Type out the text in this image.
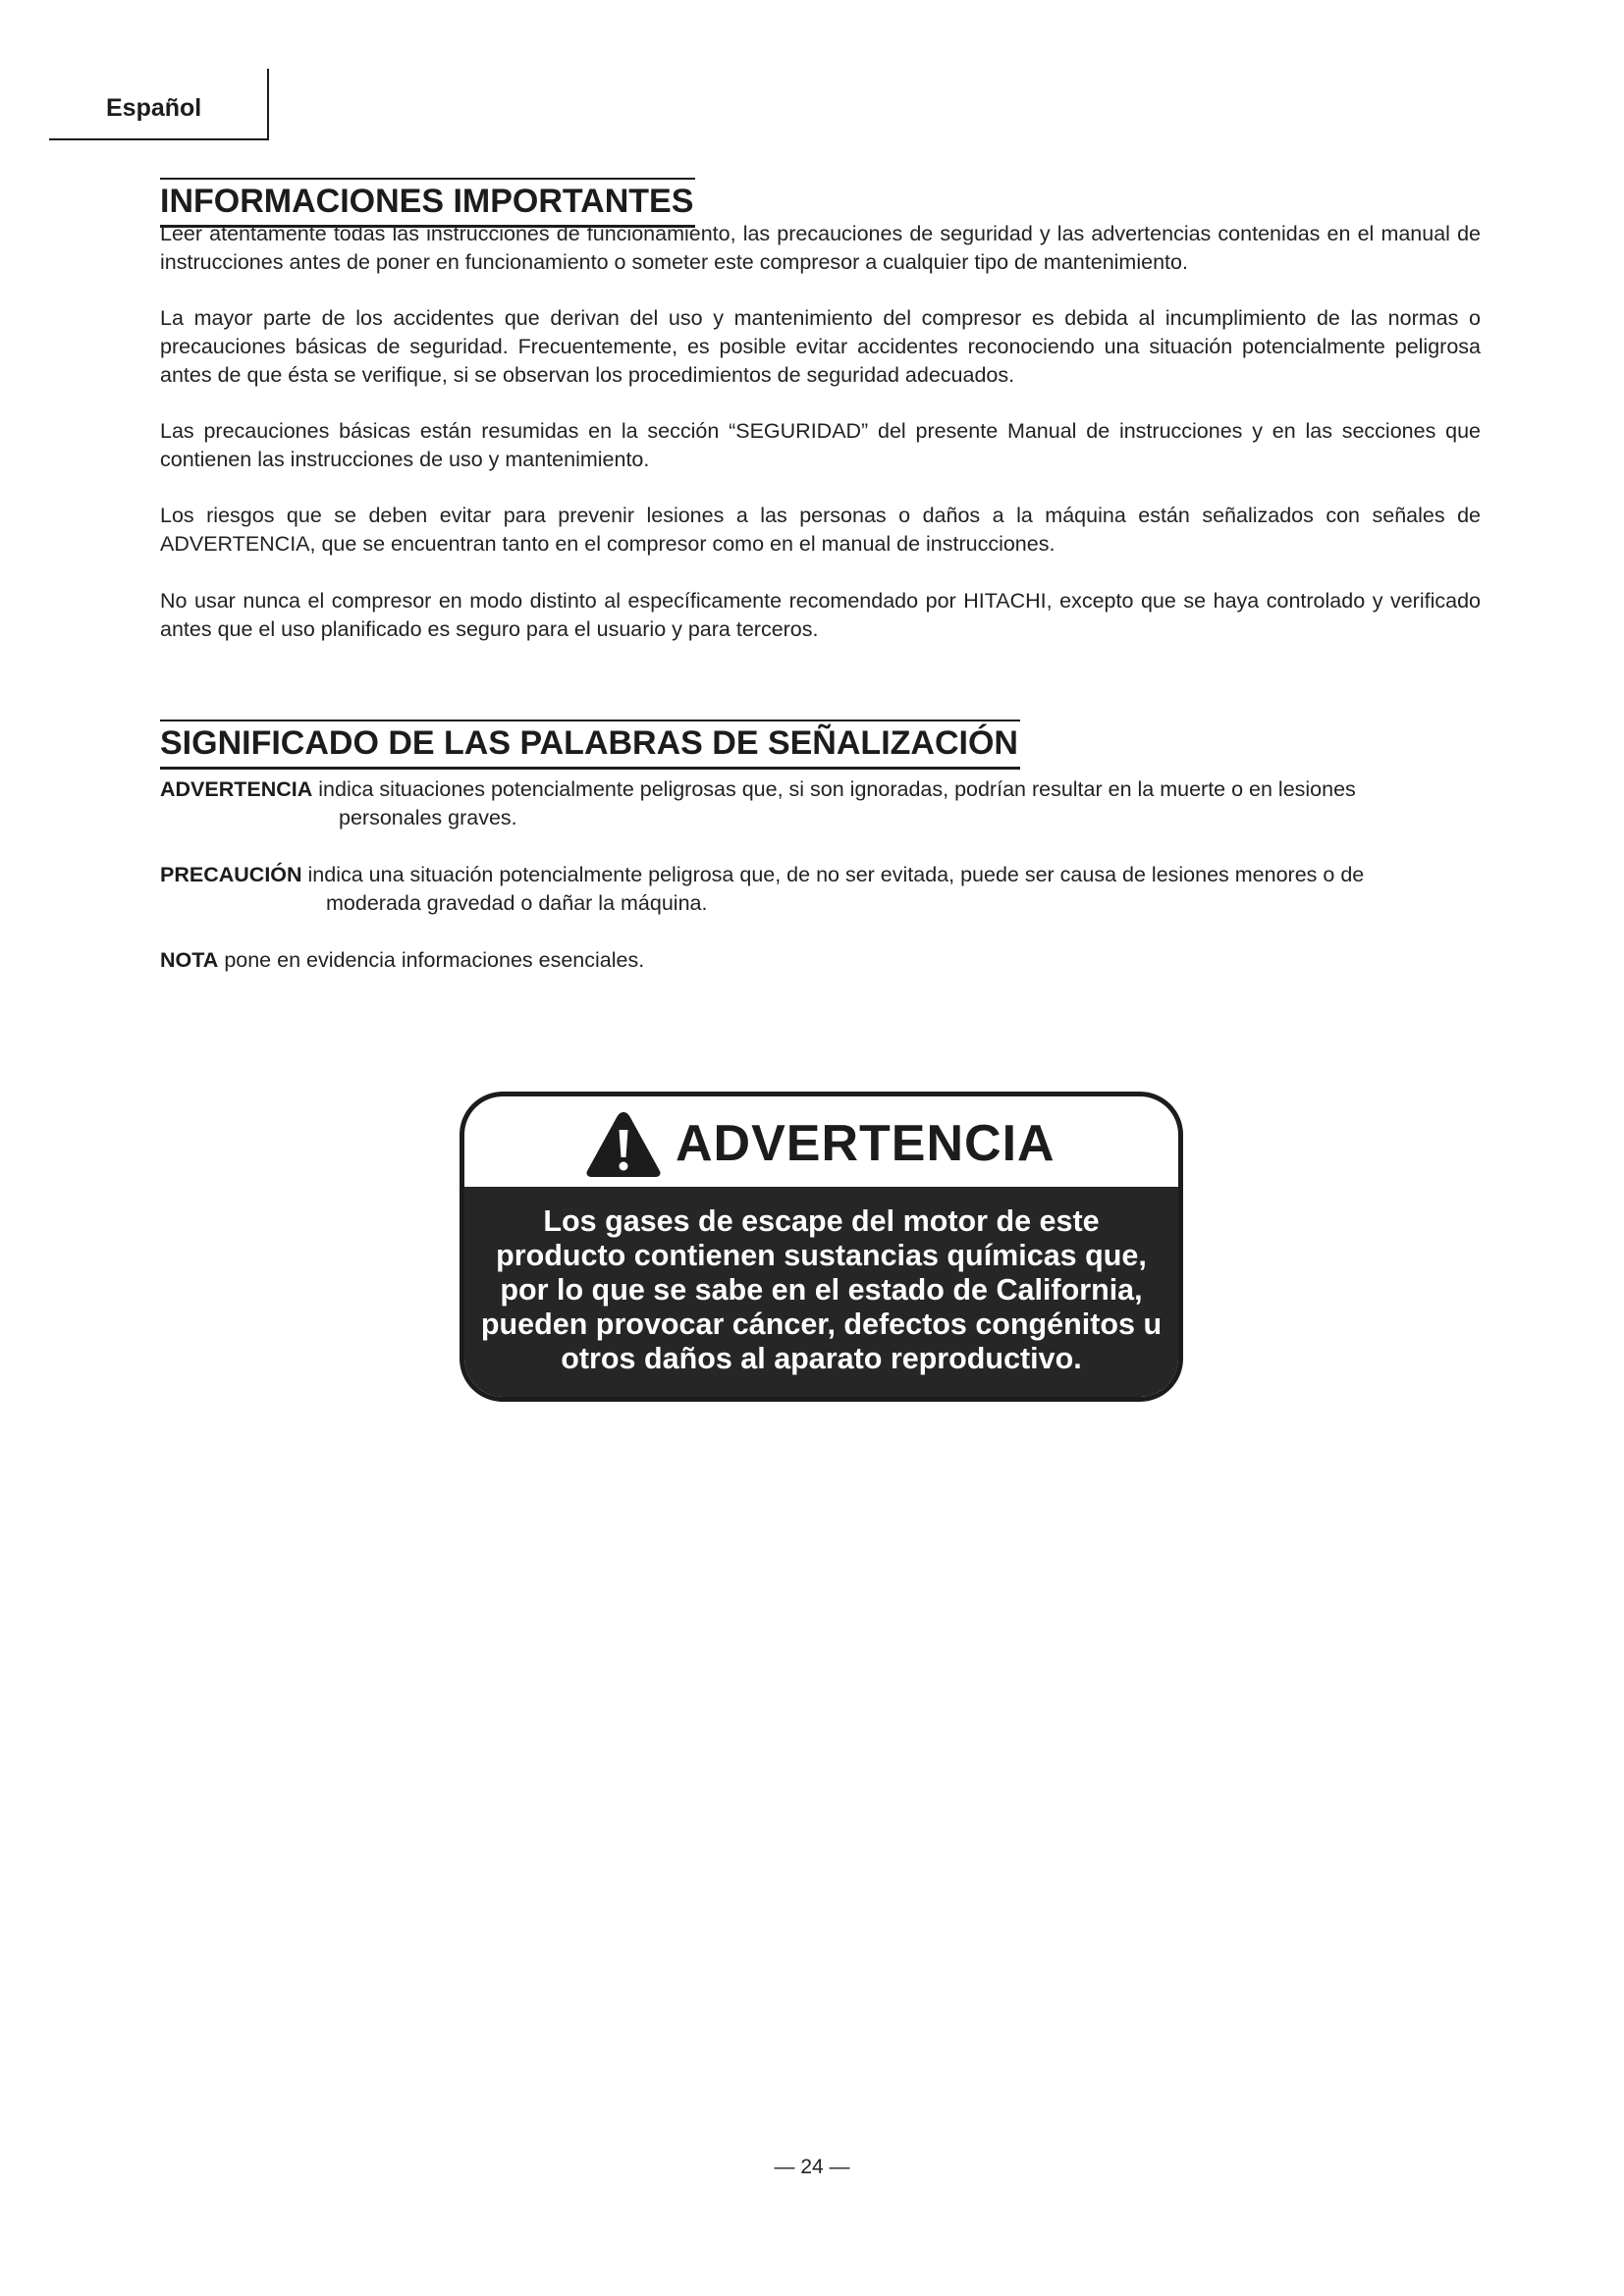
Español
INFORMACIONES IMPORTANTES

Leer atentamente todas las instrucciones de funcionamiento, las precauciones de seguridad y las advertencias contenidas en el manual de instrucciones antes de poner en funcionamiento o someter este compresor a cualquier tipo de mantenimiento.

La mayor parte de los accidentes que derivan del uso y mantenimiento del compresor es debida al incumplimiento de las normas o precauciones básicas de seguridad. Frecuentemente, es posible evitar accidentes reconociendo una situación potencialmente peligrosa antes de que ésta se verifique, si se observan los procedimientos de seguridad adecuados.

Las precauciones básicas están resumidas en la sección “SEGURIDAD” del presente Manual de instrucciones y en las secciones que contienen las instrucciones de uso y mantenimiento.

Los riesgos que se deben evitar para prevenir lesiones a las personas o daños a la máquina están señalizados con señales de ADVERTENCIA, que se encuentran tanto en el compresor como en el manual de instrucciones.

No usar nunca el compresor en modo distinto al específicamente recomendado por HITACHI, excepto que se haya controlado y verificado antes que el uso planificado es seguro para el usuario y para terceros.

SIGNIFICADO DE LAS PALABRAS DE SEÑALIZACIÓN
ADVERTENCIA indica situaciones potencialmente peligrosas que, si son ignoradas, podrían resultar en la muerte o en lesiones
personales graves.
PRECAUCIÓN indica una situación potencialmente peligrosa que, de no ser evitada, puede ser causa de lesiones menores o de
moderada gravedad o dañar la máquina.
NOTA pone en evidencia informaciones esenciales.
ADVERTENCIA
Los gases de escape del motor de este
producto contienen sustancias químicas que,
por lo que se sabe en el estado de California,
pueden provocar cáncer, defectos congénitos u
otros daños al aparato reproductivo.
— 24 —
